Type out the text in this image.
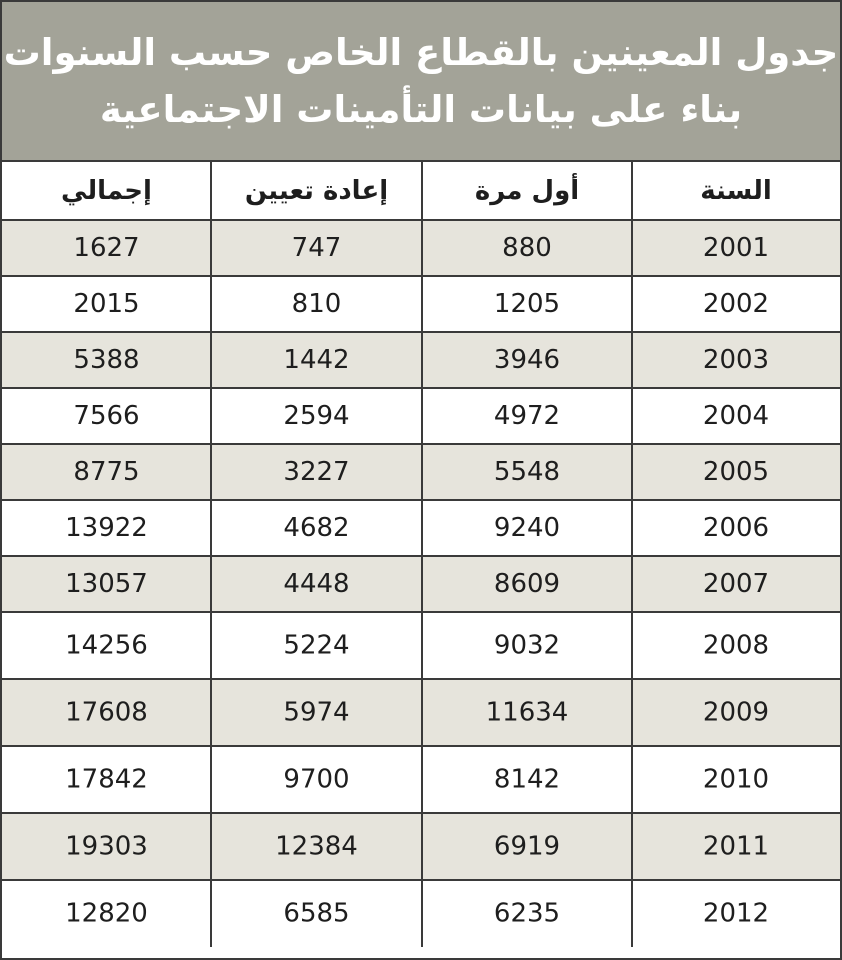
جدول المعينين بالقطاع الخاص حسب السنوات
بناء على بيانات التأمينات الاجتماعية
السنة
أول مرة
إعادة تعيين
إجمالي
2001
880
747
1627
2002
1205
810
2015
2003
3946
1442
5388
2004
4972
2594
7566
2005
5548
3227
8775
2006
9240
4682
13922
2007
8609
4448
13057
2008
9032
5224
14256
2009
11634
5974
17608
2010
8142
9700
17842
2011
6919
12384
19303
2012
6235
6585
12820
